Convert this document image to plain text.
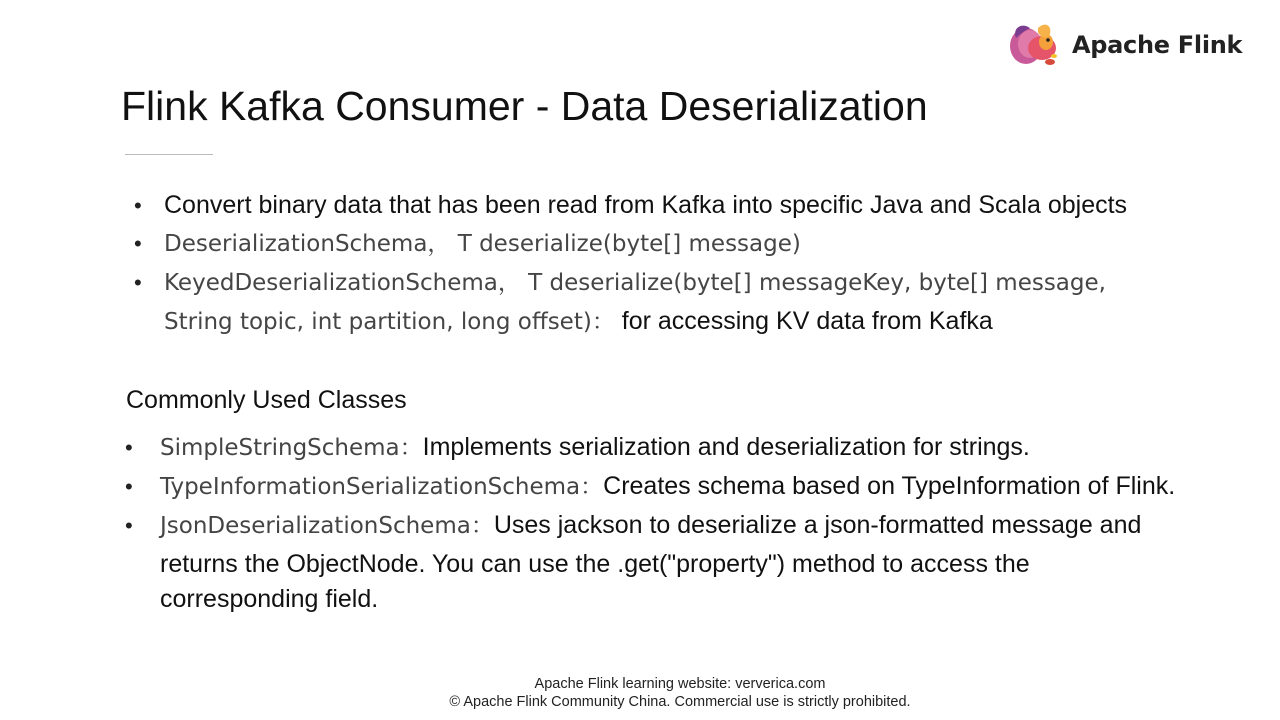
Apache Flink
Flink Kafka Consumer - Data Deserialization
• Convert binary data that has been read from Kafka into specific Java and Scala objects
• DeserializationSchema， T deserialize(byte[] message)
• KeyedDeserializationSchema， T deserialize(byte[] messageKey, byte[] message,
String topic, int partition, long offset)： for accessing KV data from Kafka
Commonly Used Classes
• SimpleStringSchema：Implements serialization and deserialization for strings.
• TypeInformationSerializationSchema：Creates schema based on TypeInformation of Flink.
• JsonDeserializationSchema：Uses jackson to deserialize a json-formatted message and
returns the ObjectNode. You can use the .get("property") method to access the
corresponding field.
Apache Flink learning website: ververica.com
© Apache Flink Community China. Commercial use is strictly prohibited.
